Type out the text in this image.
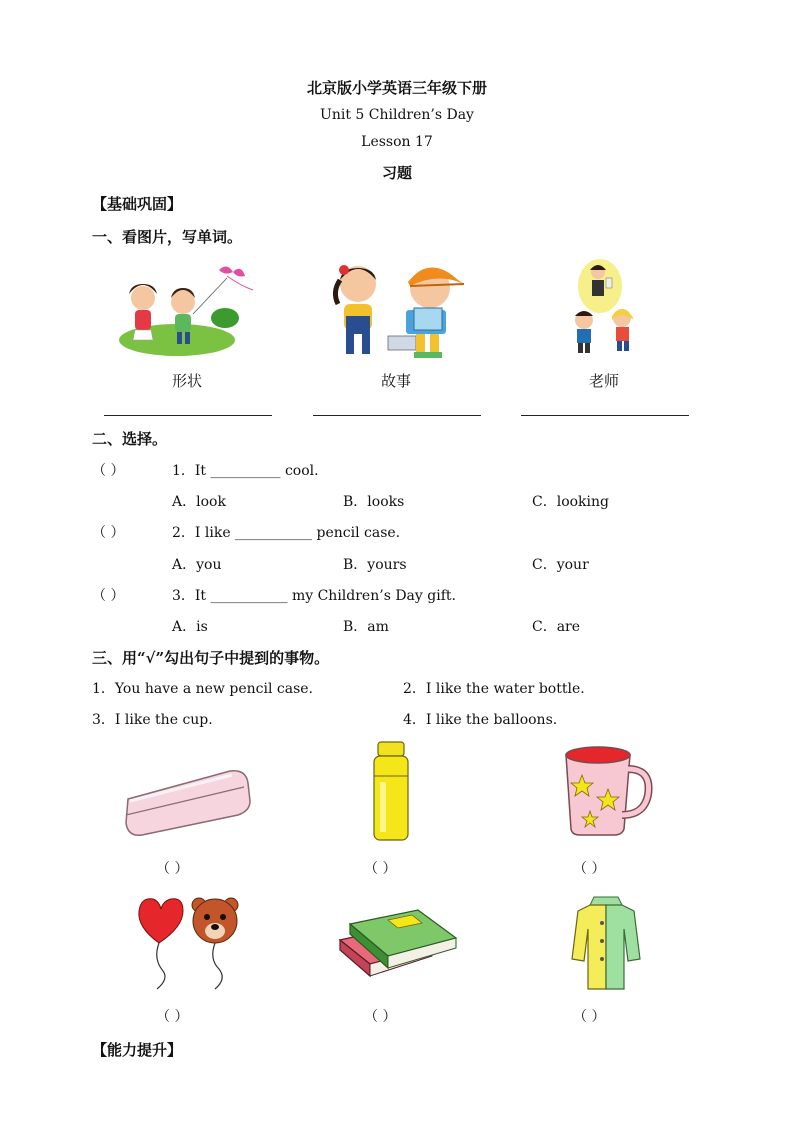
北京版小学英语三年级下册
Unit 5 Children’s Day
Lesson 17
习题
【基础巩固】
一、看图片，写单词。
形状	故事	老师
二、选择。
（ ）	1．It __________ cool.
A．look	B．looks	C．looking
（ ）	2．I like ___________ pencil case.
A．you	B．yours	C．your
（ ）	3．It ___________ my Children’s Day gift.
A．is	B．am	C．are
三、用“√”勾出句子中提到的事物。
1．You have a new pencil case.	2．I like the water bottle.
3．I like the cup.	4．I like the balloons.
（ ）	（ ）	（ ）
（ ）	（ ）	（ ）
【能力提升】
